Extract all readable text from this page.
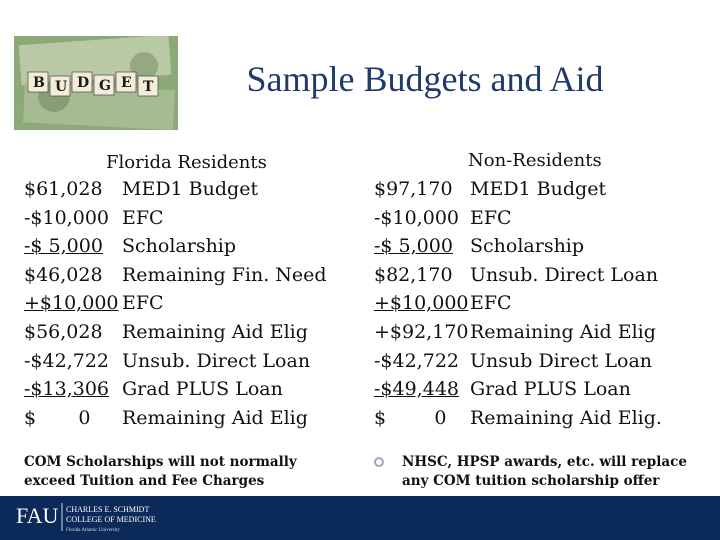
B U D G E T	Sample Budgets and Aid
Florida Residents
$61,028
-$10,000
-$ 5,000
$46,028
+$10,000
$56,028
-$42,722
-$13,306
$       0
MED1 Budget
EFC
Scholarship
Remaining Fin. Need
EFC
Remaining Aid Elig
Unsub. Direct Loan
Grad PLUS Loan
Remaining Aid Elig
COM Scholarships will not normally exceed Tuition and Fee Charges
Non-Residents
$97,170
-$10,000
-$ 5,000
$82,170
+$10,000
+$92,170
-$42,722
-$49,448
$        0
MED1 Budget
EFC
Scholarship
Unsub. Direct Loan
EFC
Remaining Aid Elig
Unsub Direct Loan
Grad PLUS Loan
Remaining Aid Elig.
NHSC, HPSP awards, etc. will replace any COM tuition scholarship offer
FAU CHARLES E. SCHMIDT
COLLEGE OF MEDICINE
Florida Atlantic University
